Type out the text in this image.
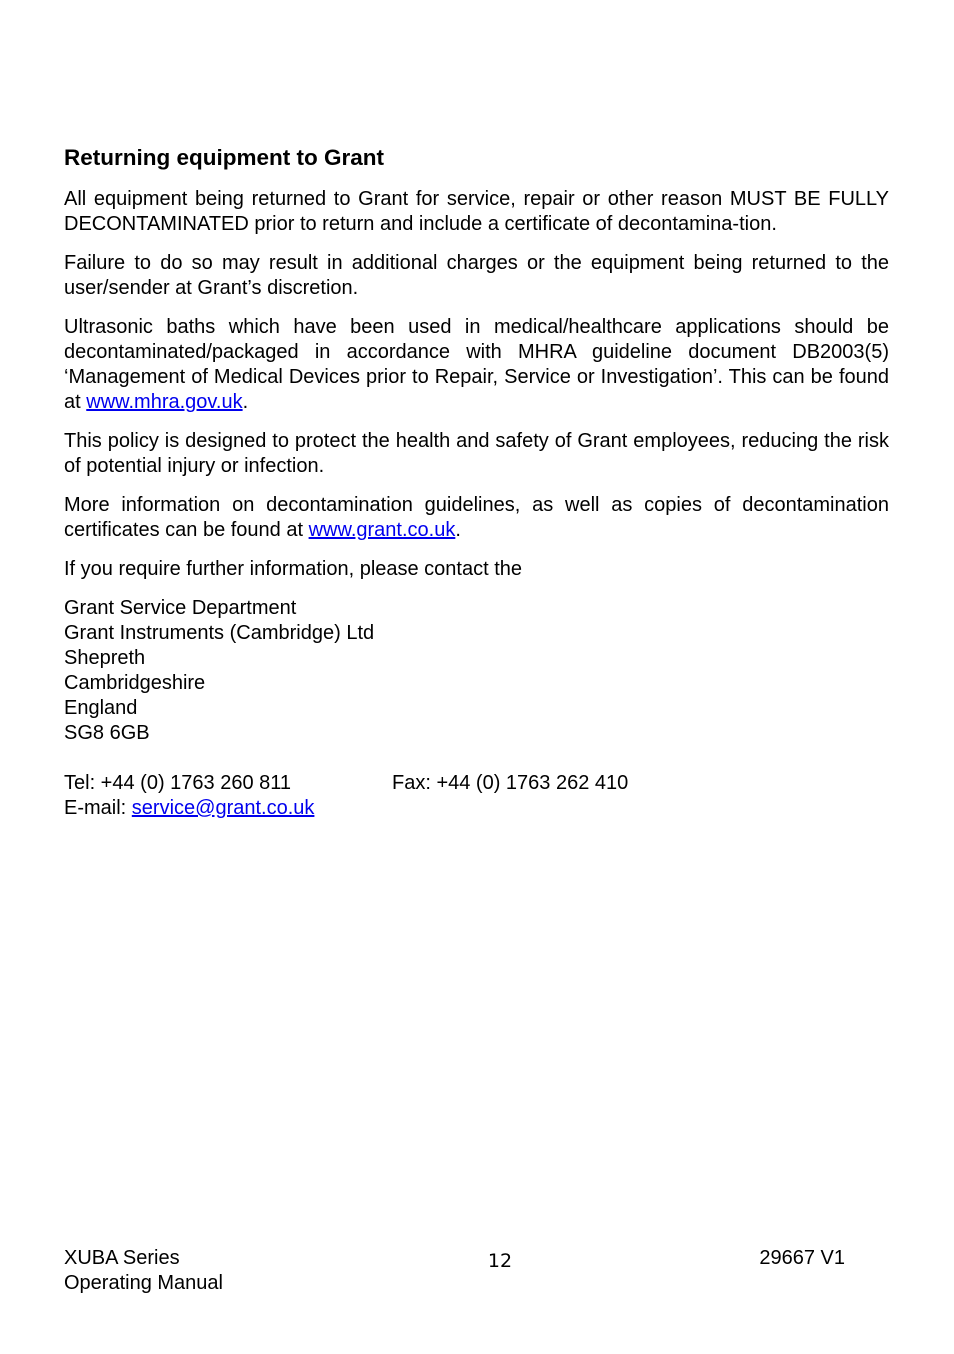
Returning equipment to Grant

All equipment being returned to Grant for service, repair or other reason MUST BE FULLY DECONTAMINATED prior to return and include a certificate of decontamina-tion.

Failure to do so may result in additional charges or the equipment being returned to the user/sender at Grant’s discretion.

Ultrasonic baths which have been used in medical/healthcare applications should be decontaminated/packaged in accordance with MHRA guideline document DB2003(5) ‘Management of Medical Devices prior to Repair, Service or Investigation’. This can be found at www.mhra.gov.uk.

This policy is designed to protect the health and safety of Grant employees, reducing the risk of potential injury or infection.

More information on decontamination guidelines, as well as copies of decontamination certificates can be found at www.grant.co.uk.

If you require further information, please contact the

Grant Service Department
Grant Instruments (Cambridge) Ltd
Shepreth
Cambridgeshire
England
SG8 6GB
Tel: +44 (0) 1763 260 811	Fax: +44 (0) 1763 262 410
E-mail: service@grant.co.uk
XUBA Series
Operating Manual
12	29667 V1
